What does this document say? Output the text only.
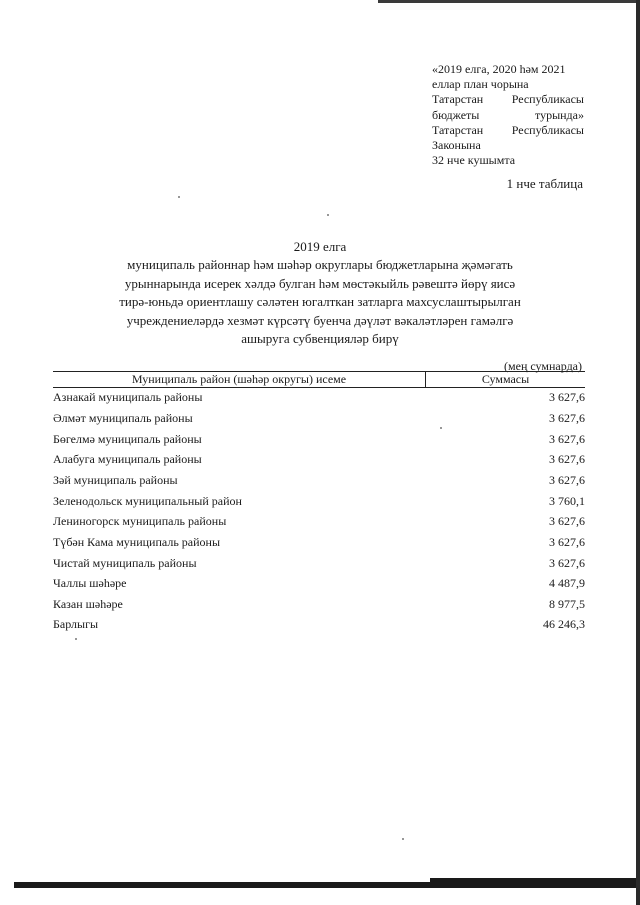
«2019 елга, 2020 һәм 2021
еллар план чорына
Татарстан Республикасы
бюджеты	турында»
Татарстан Республикасы
Законына
32 нче кушымта
1 нче таблица
2019 елга
муниципаль районнар һәм шәһәр округлары бюджетларына җәмәгать
урыннарында исерек хәлдә булган һәм мөстәкыйль рәвештә йөрү яисә
тирә-юньдә ориентлашу сәләтен югалткан затларга махсуслаштырылган
учреждениеләрдә хезмәт күрсәтү буенча дәүләт вәкаләтләрен гамәлгә
ашыруга субвенцияләр бирү
(мең сумнарда)
Муниципаль район (шәһәр округы) исеме	Суммасы
Азнакай муниципаль районы	3 627,6
Әлмәт муниципаль районы	3 627,6
Бөгелмә муниципаль районы	3 627,6
Алабуга муниципаль районы	3 627,6
Зәй муниципаль районы	3 627,6
Зеленодольск муниципальный район	3 760,1
Лениногорск муниципаль районы	3 627,6
Түбән Кама муниципаль районы	3 627,6
Чистай муниципаль районы	3 627,6
Чаллы шәһәре	4 487,9
Казан шәһәре	8 977,5
Барлыгы	46 246,3
